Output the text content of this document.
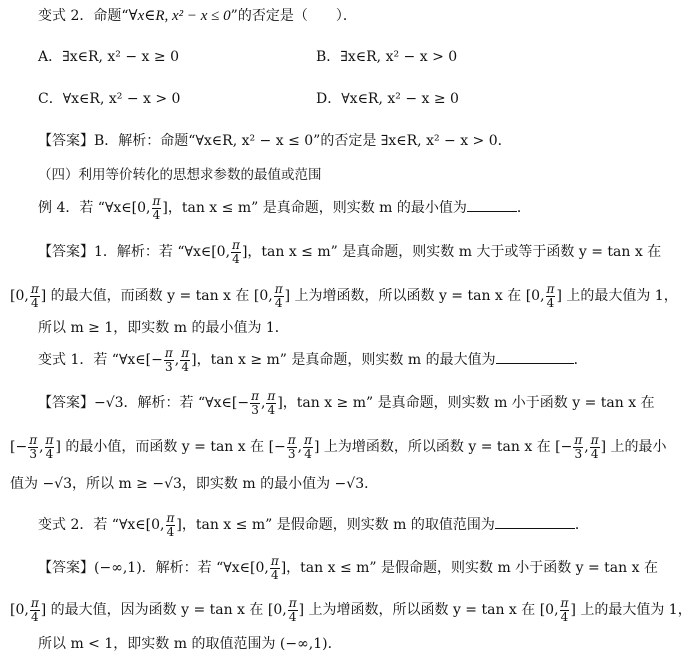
变式 2．命题“∀x∈R, x² − x ≤ 0”的否定是（　　）．
A．∃x∈R, x² − x ≥ 0	B．∃x∈R, x² − x > 0
C．∀x∈R, x² − x > 0	D．∀x∈R, x² − x ≥ 0
【答案】B．解析：命题“∀x∈R, x² − x ≤ 0”的否定是 ∃x∈R, x² − x > 0．
（四）利用等价转化的思想求参数的最值或范围
例 4．若 “∀x∈[0, $\frac{\pi}{4}$ ]，tan x ≤ m” 是真命题，则实数 m 的最小值为	．
【答案】1．解析：若 “∀x∈[0, $\frac{\pi}{4}$ ]，tan x ≤ m” 是真命题，则实数 m 大于或等于函数 y = tan x 在
[0, $\frac{\pi}{4}$ ] 的最大值，而函数 y = tan x 在 [0, $\frac{\pi}{4}$ ] 上为增函数，所以函数 y = tan x 在 [0, $\frac{\pi}{4}$ ] 上的最大值为 1，
所以 m ≥ 1，即实数 m 的最小值为 1．
变式 1．若 “∀x∈[− $\frac{\pi}{3}$ , $\frac{\pi}{4}$ ]，tan x ≥ m” 是真命题，则实数 m 的最大值为	．
【答案】−√3．解析：若 “∀x∈[− $\frac{\pi}{3}$ , $\frac{\pi}{4}$ ]，tan x ≥ m” 是真命题，则实数 m 小于函数 y = tan x 在
[− $\frac{\pi}{3}$ , $\frac{\pi}{4}$ ] 的最小值，而函数 y = tan x 在 [− $\frac{\pi}{3}$ , $\frac{\pi}{4}$ ] 上为增函数，所以函数 y = tan x 在 [− $\frac{\pi}{3}$ , $\frac{\pi}{4}$ ] 上的最小
值为 −√3，所以 m ≥ −√3，即实数 m 的最小值为 −√3．
变式 2．若 “∀x∈[0, $\frac{\pi}{4}$ ]，tan x ≤ m” 是假命题，则实数 m 的取值范围为	．
【答案】(−∞,1)．解析：若 “∀x∈[0, $\frac{\pi}{4}$ ]，tan x ≤ m” 是假命题，则实数 m 小于函数 y = tan x 在
[0, $\frac{\pi}{4}$ ] 的最大值，因为函数 y = tan x 在 [0, $\frac{\pi}{4}$ ] 上为增函数，所以函数 y = tan x 在 [0, $\frac{\pi}{4}$ ] 上的最大值为 1，
所以 m < 1，即实数 m 的取值范围为 (−∞,1)．
